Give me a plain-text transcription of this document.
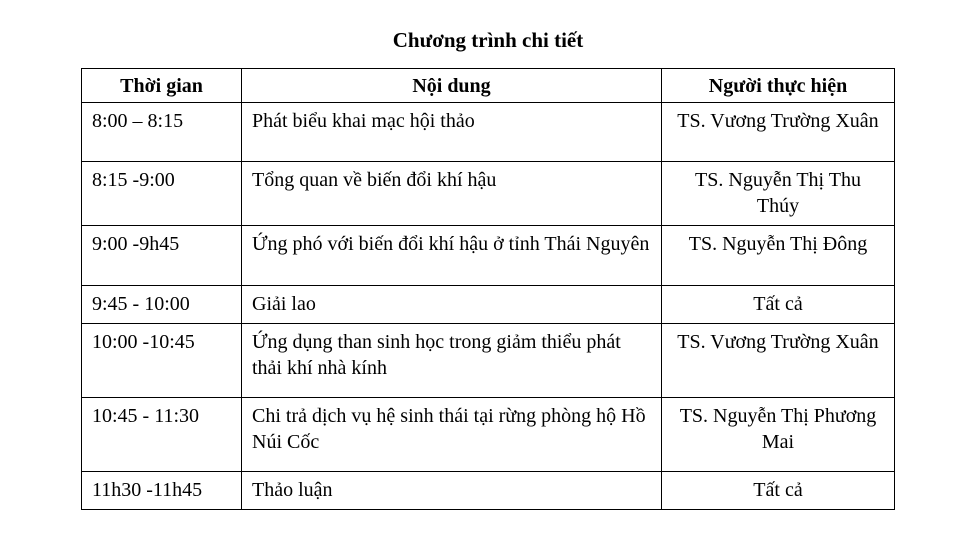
Chương trình chi tiết
Thời gian	Nội dung	Người thực hiện
8:00 – 8:15	Phát biểu khai mạc hội thảo	TS. Vương Trường Xuân
8:15 -9:00	Tổng quan về biến đổi khí hậu	TS. Nguyễn Thị Thu Thúy
9:00 -9h45	Ứng phó với biến đổi khí hậu ở tỉnh Thái Nguyên	TS. Nguyễn Thị Đông
9:45 - 10:00	Giải lao	Tất cả
10:00 -10:45	Ứng dụng than sinh học trong giảm thiểu phát thải khí nhà kính	TS. Vương Trường Xuân
10:45 - 11:30	Chi trả dịch vụ hệ sinh thái tại rừng phòng hộ Hồ Núi Cốc	TS. Nguyễn Thị Phương Mai
11h30 -11h45	Thảo luận	Tất cả
